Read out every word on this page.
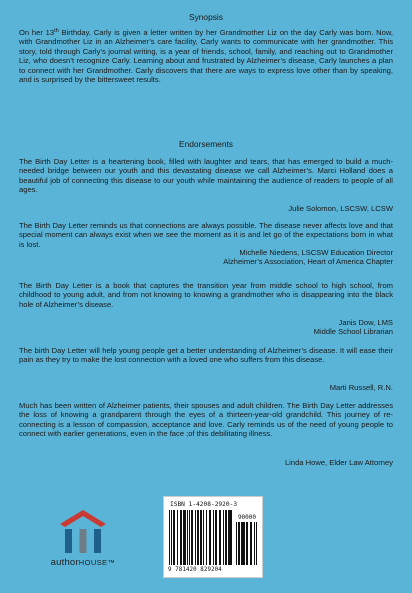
Synopsis
On her 13th Birthday, Carly is given a letter written by her Grandmother Liz on the day Carly was born. Now, with Grandmother Liz in an Alzheimer’s care facility, Carly wants to communicate with her grandmother. This story, told through Carly’s journal writing, is a year of friends, school, family, and reaching out to Grandmother Liz, who doesn’t recognize Carly. Learning about and frustrated by Alzheimer’s disease, Carly launches a plan to connect with her Grandmother. Carly discovers that there are ways to express love other than by speaking, and is surprised by the bittersweet results.
Endorsements
The Birth Day Letter is a heartening book, filled with laughter and tears, that has emerged to build a much-needed bridge between our youth and this devastating disease we call Alzheimer’s. Marci Holland does a beautiful job of connecting this disease to our youth while maintaining the audience of readers to people of all ages.
Julie Solomon, LSCSW, LCSW
The Birth Day Letter reminds us that connections are always possible. The disease never affects love and that special moment can always exist when we see the moment as it is and let go of the expectations born in what is lost.
Michelle Niedens, LSCSW Education Director
Alzheimer’s Association, Heart of America Chapter
The Birth Day Letter is a book that captures the transition year from middle school to high school, from childhood to young adult, and from not knowing to knowing a grandmother who is disappearing into the black hole of Alzheimer’s disease.
Janis Dow, LMS
Middle School Librarian
The birth Day Letter will help young people get a better understanding of Alzheimer’s disease. It will ease their pain as they try to make the lost connection with a loved one who suffers from this disease.
Marti Russell, R.N.
Much has been written of Alzheimer patients, their spouses and adult children. The Birth Day Letter addresses the loss of knowing a grandparent through the eyes of a thirteen-year-old grandchild. This journey of re-connecting is a lesson of compassion, acceptance and love. Carly reminds us of the need of young people to connect with earlier generations, even in the face ;of this debilitating illness.
Linda Howe, Elder Law Attorney
authorHOUSE™
ISBN 1-4208-2920-3
90000
9 781420 829204
